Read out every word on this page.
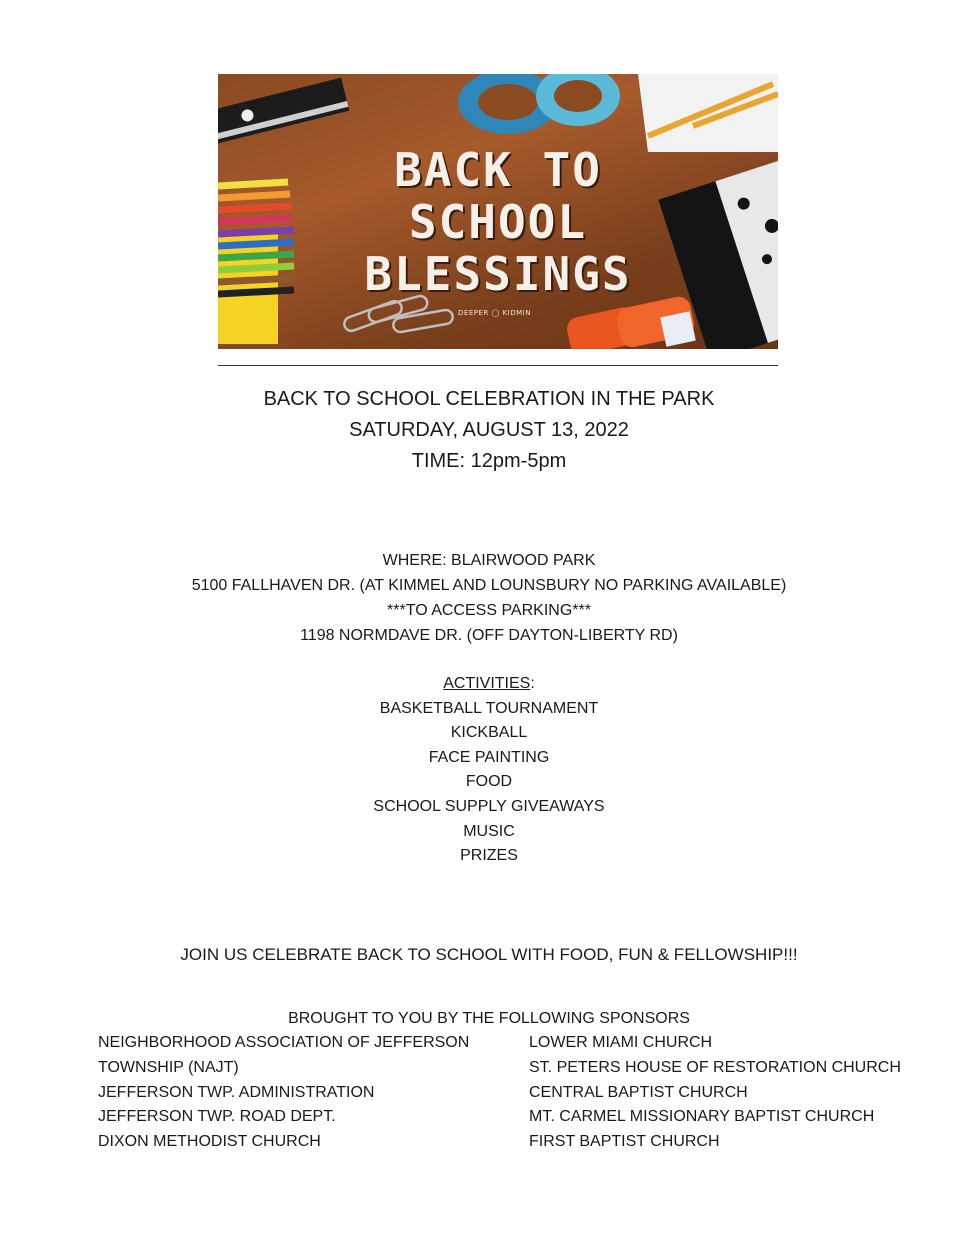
BACK TO
SCHOOL
BLESSINGS
DEEPER ◯ KIDMIN
BACK TO SCHOOL CELEBRATION IN THE PARK
SATURDAY, AUGUST 13, 2022
TIME: 12pm-5pm
WHERE: BLAIRWOOD PARK
5100 FALLHAVEN DR. (AT KIMMEL AND LOUNSBURY NO PARKING AVAILABLE)
***TO ACCESS PARKING***
1198 NORMDAVE DR. (OFF DAYTON-LIBERTY RD)
ACTIVITIES:
BASKETBALL TOURNAMENT
KICKBALL
FACE PAINTING
FOOD
SCHOOL SUPPLY GIVEAWAYS
MUSIC
PRIZES
JOIN US CELEBRATE BACK TO SCHOOL WITH FOOD, FUN & FELLOWSHIP!!!
BROUGHT TO YOU BY THE FOLLOWING SPONSORS
NEIGHBORHOOD ASSOCIATION OF JEFFERSON
TOWNSHIP (NAJT)
JEFFERSON TWP. ADMINISTRATION
JEFFERSON TWP. ROAD DEPT.
DIXON METHODIST CHURCH
LOWER MIAMI CHURCH
ST. PETERS HOUSE OF RESTORATION CHURCH
CENTRAL BAPTIST CHURCH
MT. CARMEL MISSIONARY BAPTIST CHURCH
FIRST BAPTIST CHURCH
